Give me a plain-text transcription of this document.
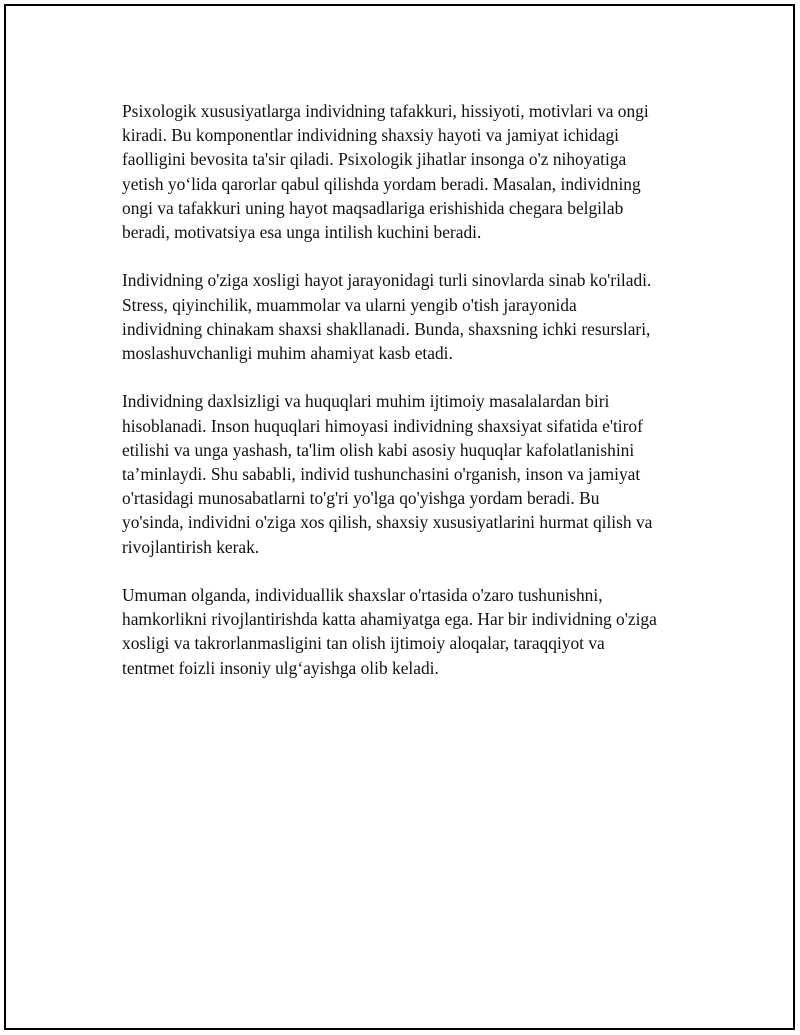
Psixologik xususiyatlarga individning tafakkuri, hissiyoti, motivlari va ongi
kiradi. Bu komponentlar individning shaxsiy hayoti va jamiyat ichidagi
faolligini bevosita ta'sir qiladi. Psixologik jihatlar insonga o'z nihoyatiga
yetish yo‘lida qarorlar qabul qilishda yordam beradi. Masalan, individning
ongi va tafakkuri uning hayot maqsadlariga erishishida chegara belgilab
beradi, motivatsiya esa unga intilish kuchini beradi.

Individning o'ziga xosligi hayot jarayonidagi turli sinovlarda sinab ko'riladi.
Stress, qiyinchilik, muammolar va ularni yengib o'tish jarayonida
individning chinakam shaxsi shakllanadi. Bunda, shaxsning ichki resurslari,
moslashuvchanligi muhim ahamiyat kasb etadi.

Individning daxlsizligi va huquqlari muhim ijtimoiy masalalardan biri
hisoblanadi. Inson huquqlari himoyasi individning shaxsiyat sifatida e'tirof
etilishi va unga yashash, ta'lim olish kabi asosiy huquqlar kafolatlanishini
ta’minlaydi. Shu sababli, individ tushunchasini o'rganish, inson va jamiyat
o'rtasidagi munosabatlarni to'g'ri yo'lga qo'yishga yordam beradi. Bu
yo'sinda, individni o'ziga xos qilish, shaxsiy xususiyatlarini hurmat qilish va
rivojlantirish kerak.

Umuman olganda, individuallik shaxslar o'rtasida o'zaro tushunishni,
hamkorlikni rivojlantirishda katta ahamiyatga ega. Har bir individning o'ziga
xosligi va takrorlanmasligini tan olish ijtimoiy aloqalar, taraqqiyot va
tentmet foizli insoniy ulg‘ayishga olib keladi.
